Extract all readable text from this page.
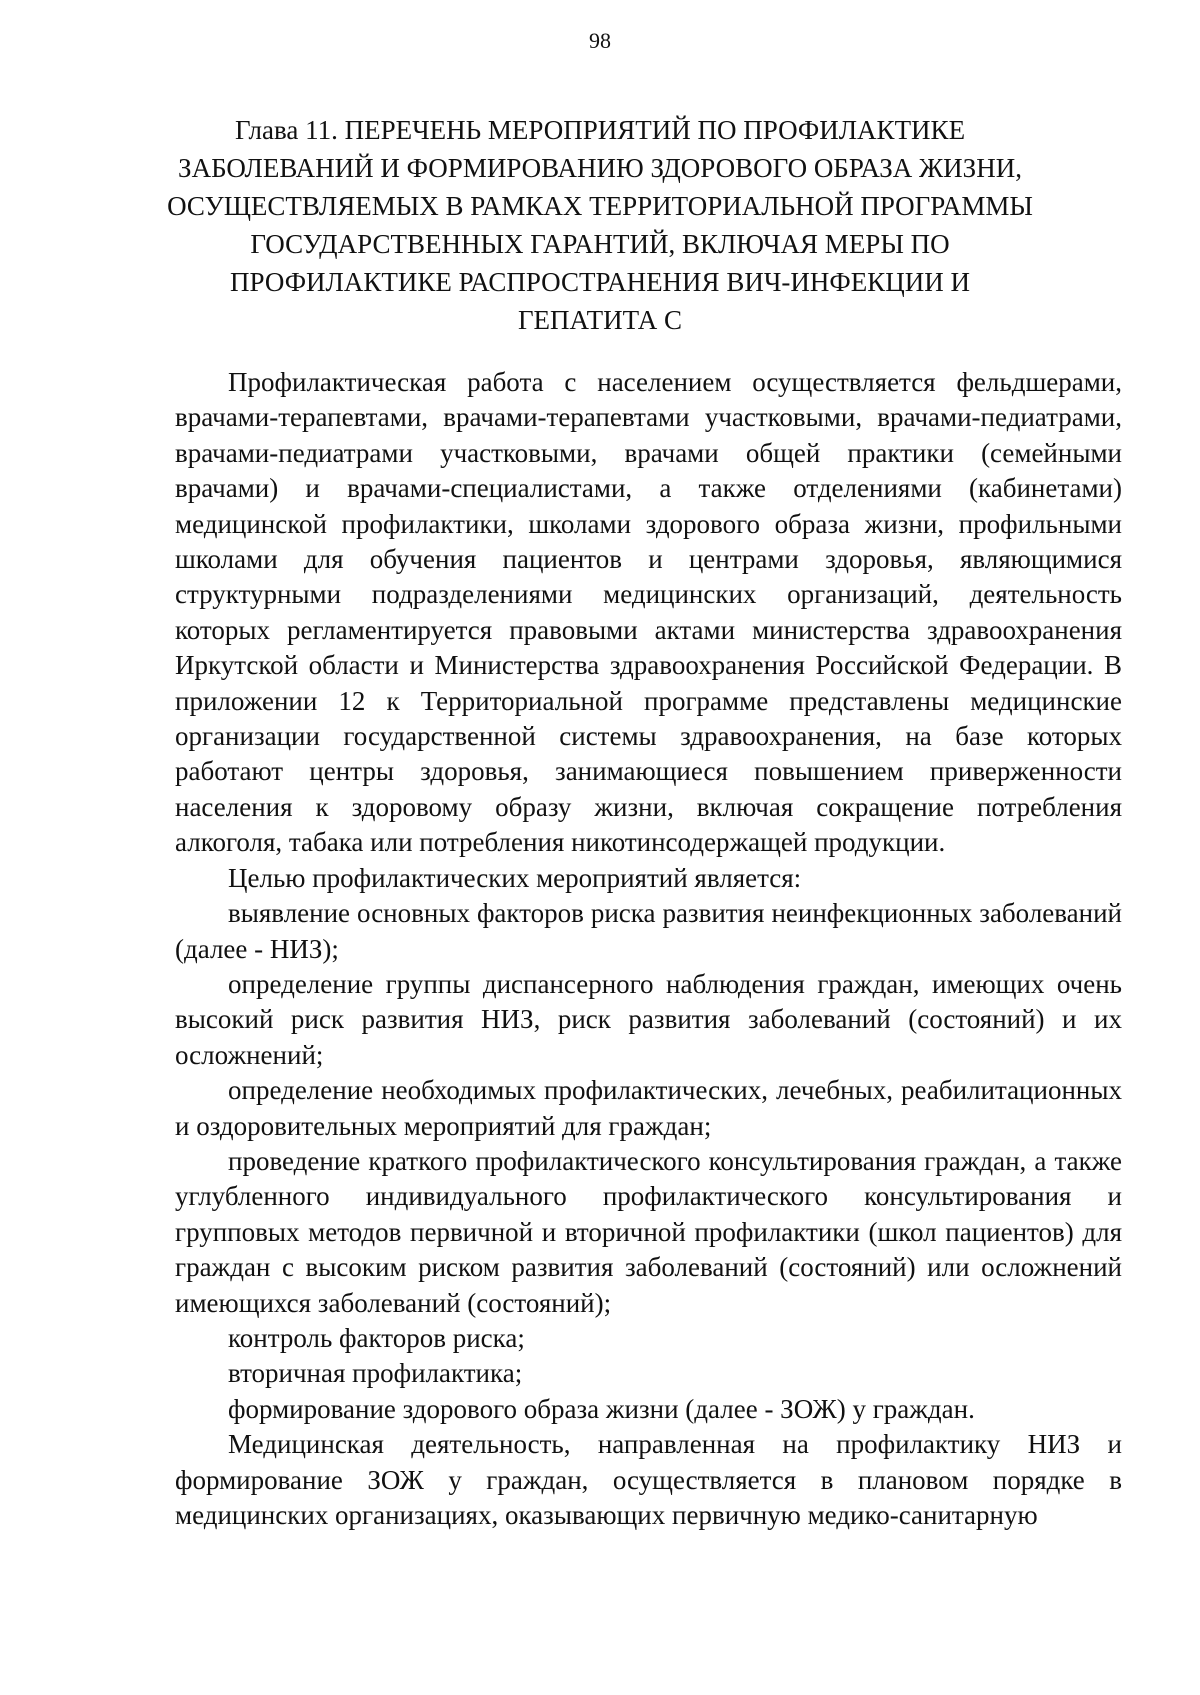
98
Глава 11. ПЕРЕЧЕНЬ МЕРОПРИЯТИЙ ПО ПРОФИЛАКТИКЕ
ЗАБОЛЕВАНИЙ И ФОРМИРОВАНИЮ ЗДОРОВОГО ОБРАЗА ЖИЗНИ,
ОСУЩЕСТВЛЯЕМЫХ В РАМКАХ ТЕРРИТОРИАЛЬНОЙ ПРОГРАММЫ
ГОСУДАРСТВЕННЫХ ГАРАНТИЙ, ВКЛЮЧАЯ МЕРЫ ПО
ПРОФИЛАКТИКЕ РАСПРОСТРАНЕНИЯ ВИЧ-ИНФЕКЦИИ И
ГЕПАТИТА С

Профилактическая работа с населением осуществляется фельдшерами, врачами-терапевтами, врачами-терапевтами участковыми, врачами-педиатрами, врачами-педиатрами участковыми, врачами общей практики (семейными врачами) и врачами-специалистами, а также отделениями (кабинетами) медицинской профилактики, школами здорового образа жизни, профильными школами для обучения пациентов и центрами здоровья, являющимися структурными подразделениями медицинских организаций, деятельность которых регламентируется правовыми актами министерства здравоохранения Иркутской области и Министерства здравоохранения Российской Федерации. В приложении 12 к Территориальной программе представлены медицинские организации государственной системы здравоохранения, на базе которых работают центры здоровья, занимающиеся повышением приверженности населения к здоровому образу жизни, включая сокращение потребления алкоголя, табака или потребления никотинсодержащей продукции.

Целью профилактических мероприятий является:

выявление основных факторов риска развития неинфекционных заболеваний (далее - НИЗ);

определение группы диспансерного наблюдения граждан, имеющих очень высокий риск развития НИЗ, риск развития заболеваний (состояний) и их осложнений;

определение необходимых профилактических, лечебных, реабилитационных и оздоровительных мероприятий для граждан;

проведение краткого профилактического консультирования граждан, а также углубленного индивидуального профилактического консультирования и групповых методов первичной и вторичной профилактики (школ пациентов) для граждан с высоким риском развития заболеваний (состояний) или осложнений имеющихся заболеваний (состояний);

контроль факторов риска;

вторичная профилактика;

формирование здорового образа жизни (далее - ЗОЖ) у граждан.

Медицинская деятельность, направленная на профилактику НИЗ и формирование ЗОЖ у граждан, осуществляется в плановом порядке в медицинских организациях, оказывающих первичную медико-санитарную
